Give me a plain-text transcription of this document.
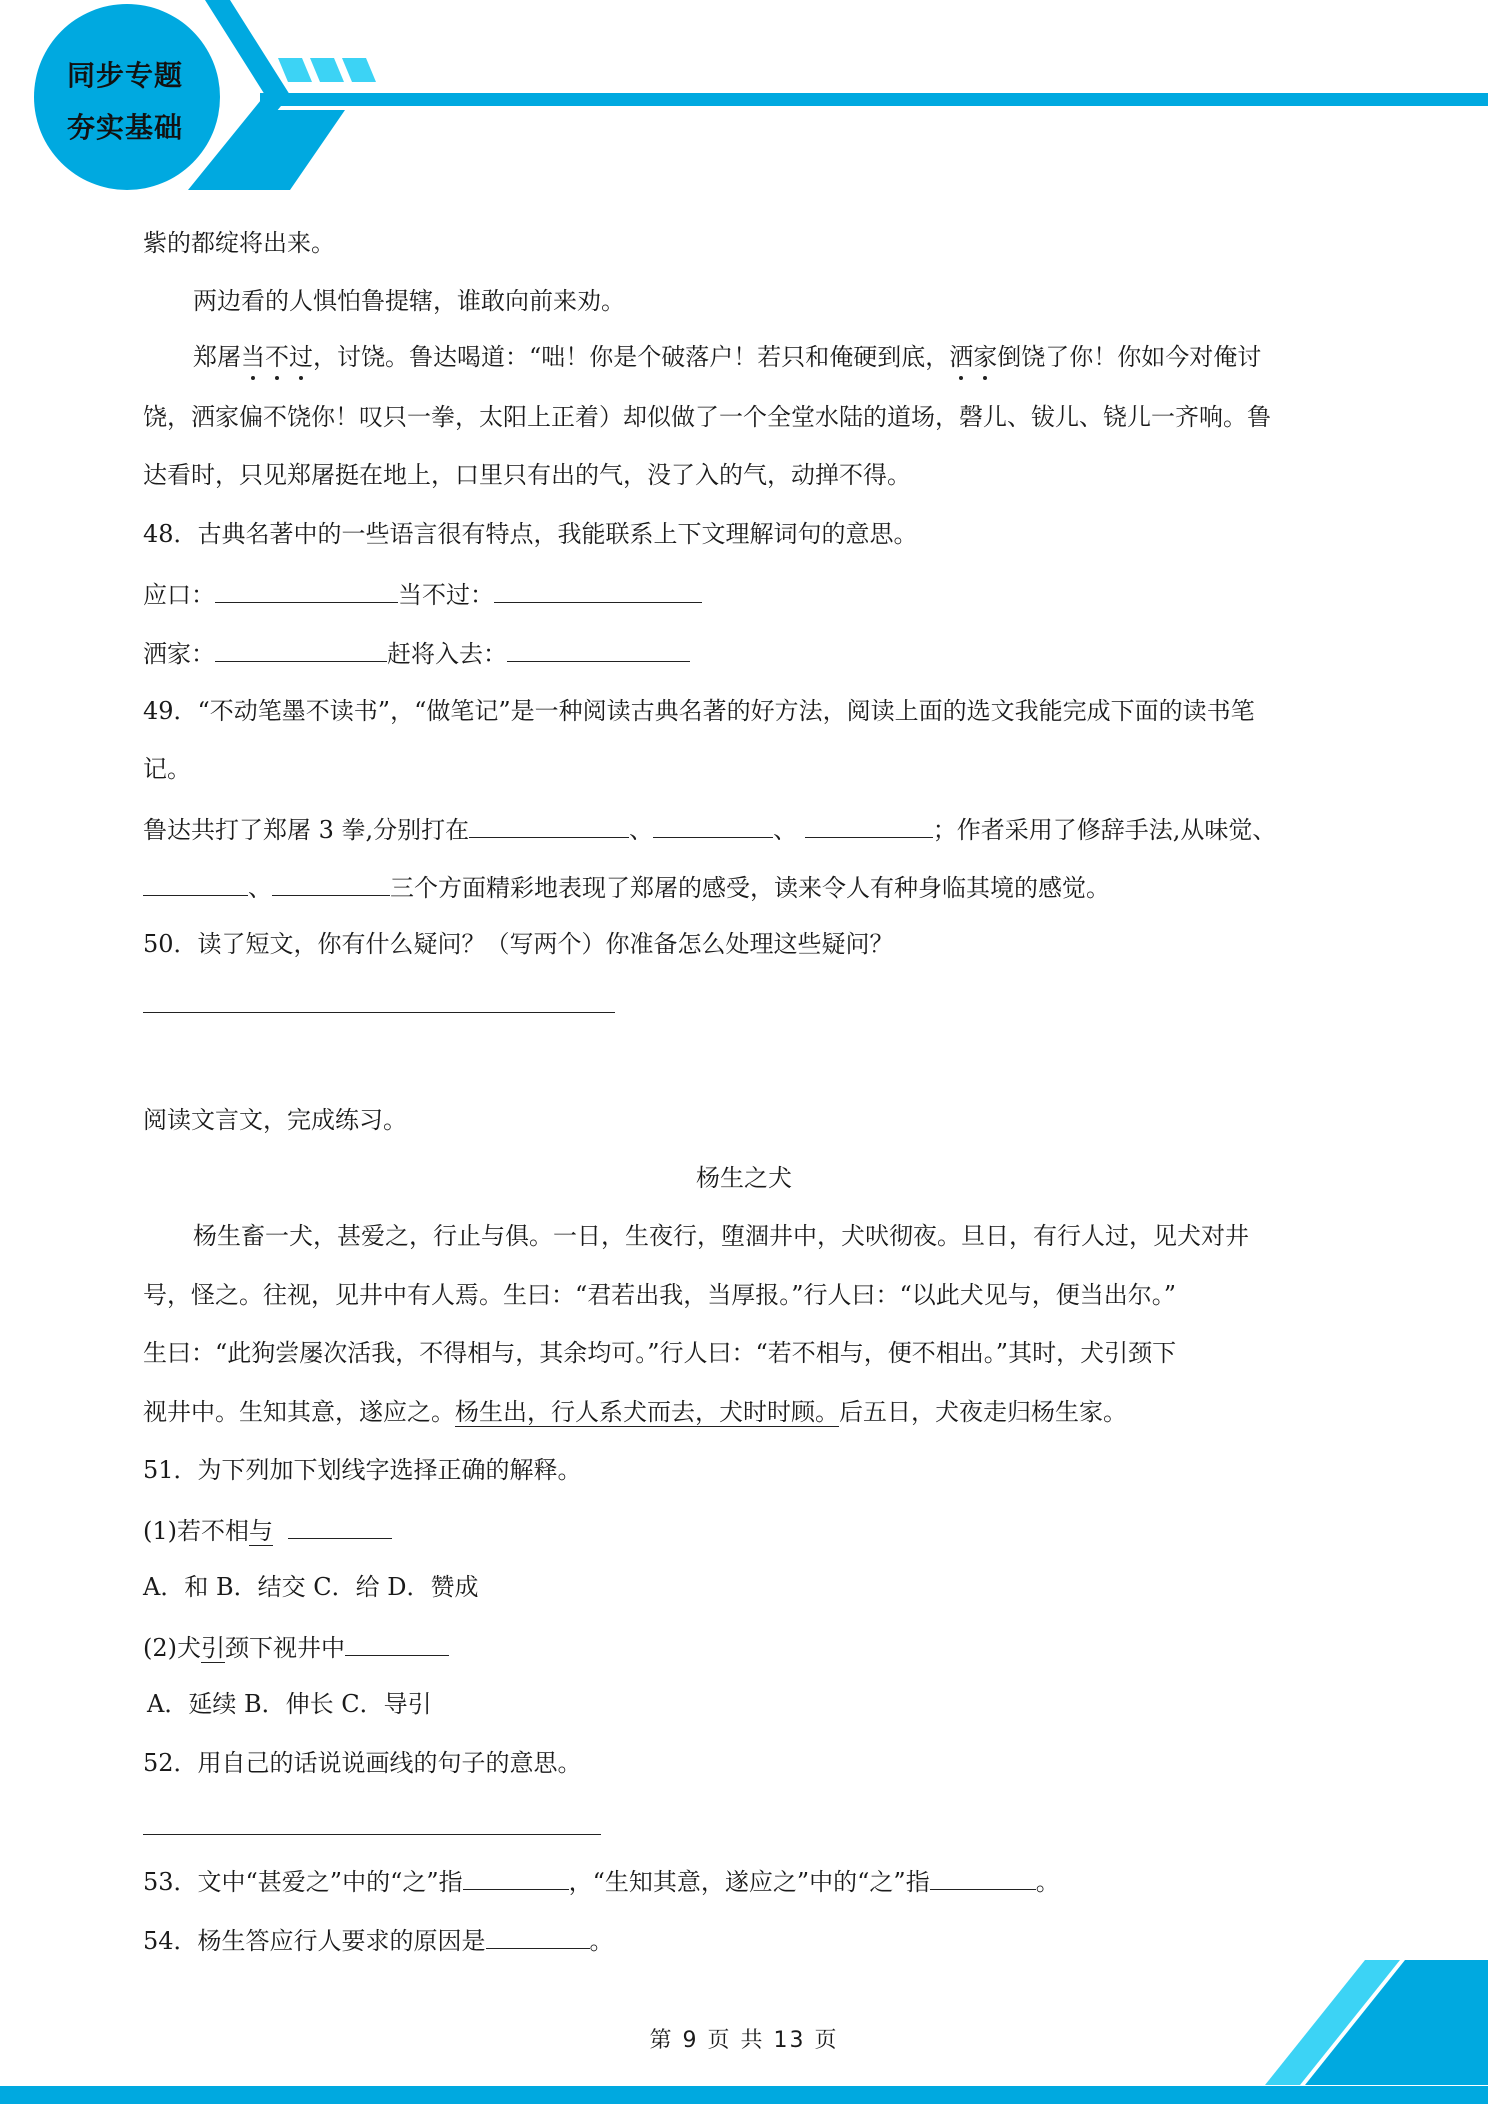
同步专题
夯实基础
紫的都绽将出来。
两边看的人惧怕鲁提辖，谁敢向前来劝。
郑屠当不过，讨饶。鲁达喝道：“咄！你是个破落户！若只和俺硬到底，洒家倒饶了你！你如今对俺讨
饶，洒家偏不饶你！叹只一拳，太阳上正着）却似做了一个全堂水陆的道场，磬儿、钹儿、铙儿一齐响。鲁
达看时，只见郑屠挺在地上，口里只有出的气，没了入的气，动掸不得。
48．古典名著中的一些语言很有特点，我能联系上下文理解词句的意思。
应口：	当不过：
洒家：	赶将入去：
49．“不动笔墨不读书”，“做笔记”是一种阅读古典名著的好方法，阅读上面的选文我能完成下面的读书笔
记。
鲁达共打了郑屠 3 拳,分别打在	、	、	；作者采用了修辞手法,从味觉、
、	三个方面精彩地表现了郑屠的感受，读来令人有种身临其境的感觉。
50．读了短文，你有什么疑问？（写两个）你准备怎么处理这些疑问？
阅读文言文，完成练习。
杨生之犬
杨生畜一犬，甚爱之，行止与俱。一日，生夜行，堕涸井中，犬吠彻夜。旦日，有行人过，见犬对井
号，怪之。往视，见井中有人焉。生曰：“君若出我，当厚报。”行人曰：“以此犬见与，便当出尔。”
生曰：“此狗尝屡次活我，不得相与，其余均可。”行人曰：“若不相与，便不相出。”其时，犬引颈下
视井中。生知其意，遂应之。杨生出，行人系犬而去，犬时时顾。后五日，犬夜走归杨生家。
51．为下列加下划线字选择正确的解释。
(1)若不相与
A．和 B．结交 C．给 D．赞成
(2)犬引颈下视井中
A．延续 B．伸长 C．导引
52．用自己的话说说画线的句子的意思。
53．文中“甚爱之”中的“之”指	，“生知其意，遂应之”中的“之”指	。
54．杨生答应行人要求的原因是	。
第 9 页 共 13 页
